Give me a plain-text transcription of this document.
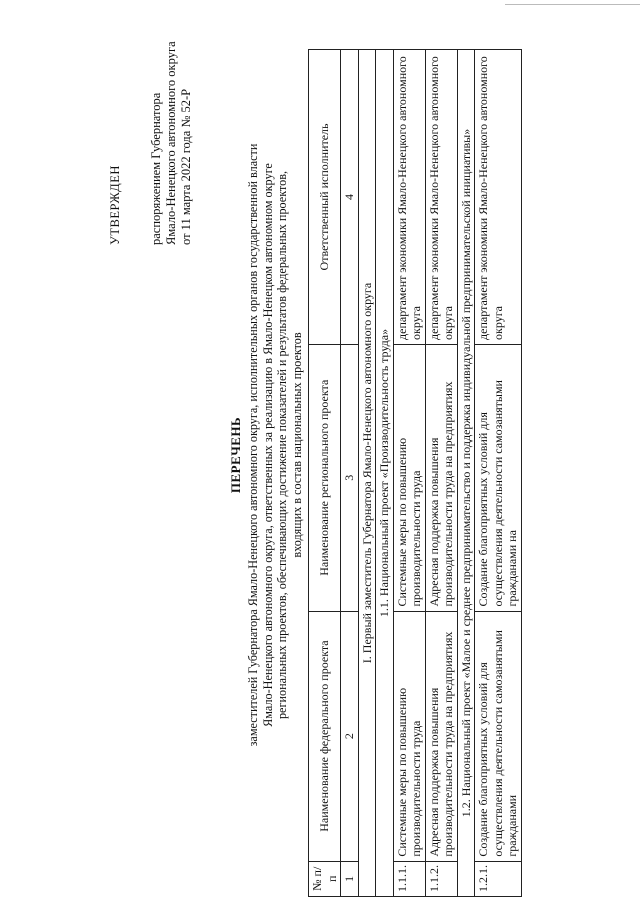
УТВЕРЖДЕН распоряжением Губернатора Ямало-Ненецкого автономного округа от 11 марта 2022 года № 52-Р
ПЕРЕЧЕНЬ заместителей Губернатора Ямало-Ненецкого автономного округа, исполнительных органов государственной власти Ямало-Ненецкого автономного округа, ответственных за реализацию в Ямало-Ненецком автономном округе региональных проектов, обеспечивающих достижение показателей и результатов федеральных проектов, входящих в состав национальных проектов
№ п/п	Наименование федерального проекта	Наименование регионального проекта	Ответственный исполнитель
1	2	3	4
I. Первый заместитель Губернатора Ямало-Ненецкого автономного округа			
1.1. Национальный проект «Производительность труда»			
1.1.1.	Системные меры по повышению производительности труда	Системные меры по повышению производительности труда	департамент экономики Ямало-Ненецкого автономного округа
1.1.2.	Адресная поддержка повышения производительности труда на предприятиях	Адресная поддержка повышения производительности труда на предприятиях	департамент экономики Ямало-Ненецкого автономного округа
1.2. Национальный проект «Малое и среднее предпринимательство и поддержка индивидуальной предпринимательской инициативы»			
1.2.1.	Создание благоприятных условий для осуществления деятельности самозанятыми гражданами	Создание благоприятных условий для осуществления деятельности самозанятыми гражданами на	департамент экономики Ямало-Ненецкого автономного округа
